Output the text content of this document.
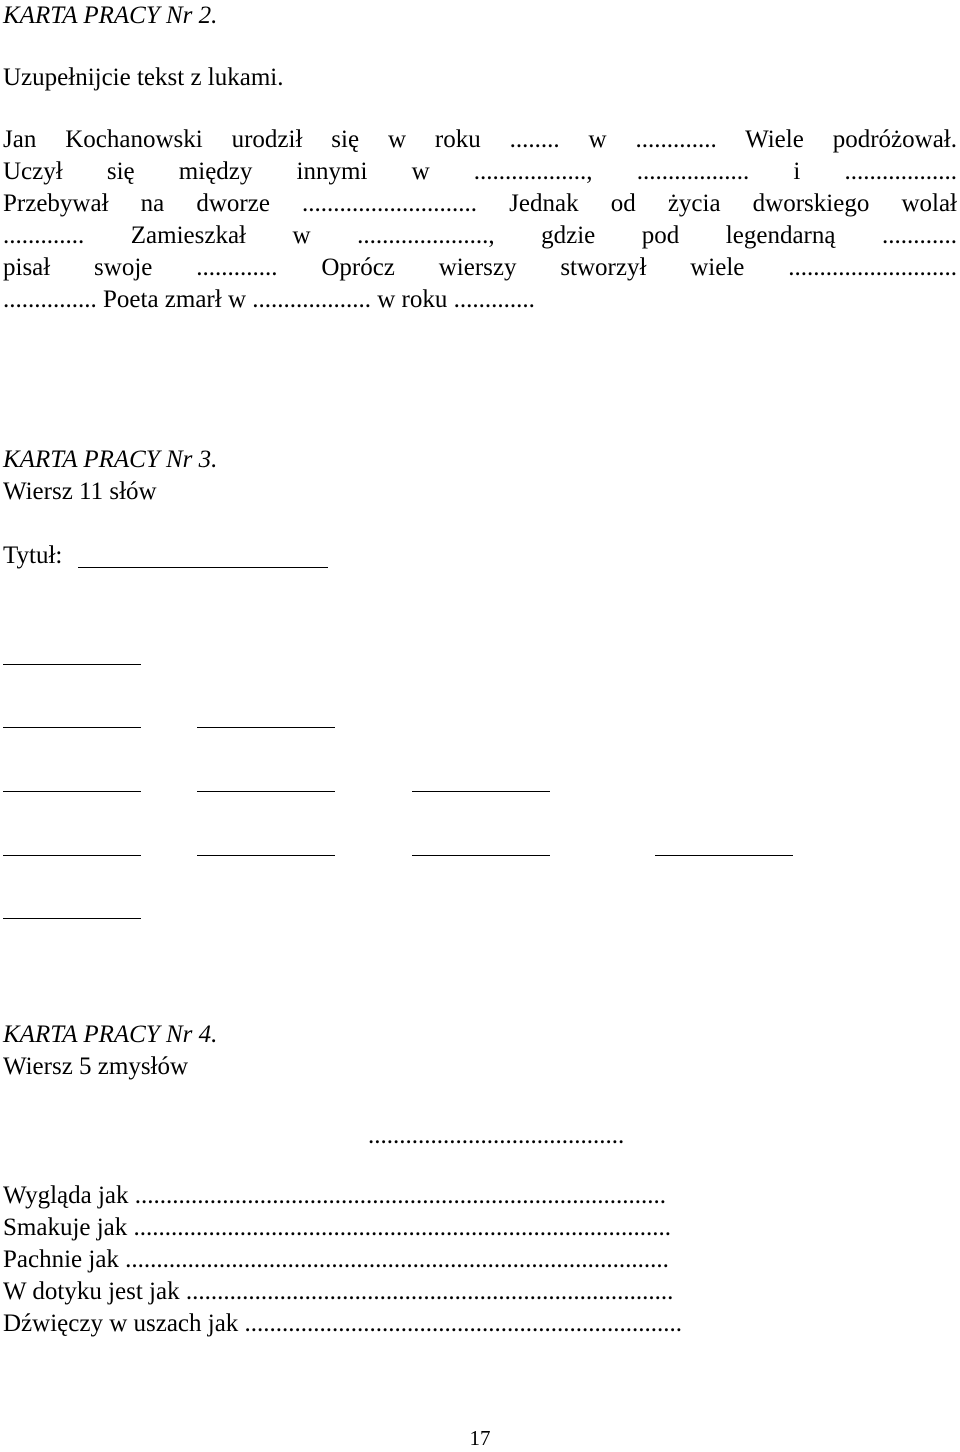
KARTA PRACY Nr 2.
Uzupełnijcie tekst z lukami.
Jan Kochanowski urodził się w roku ........ w ............. Wiele podróżował.
Uczył się między innymi w .................., .................. i ..................
Przebywał na dworze ............................ Jednak od życia dworskiego wolał
............. Zamieszkał w ....................., gdzie pod legendarną ............
pisał swoje ............. Oprócz wierszy stworzył wiele ...........................
............... Poeta zmarł w ................... w roku .............
KARTA PRACY Nr 3.
Wiersz 11 słów
Tytuł:
KARTA PRACY Nr 4.
Wiersz 5 zmysłów
.........................................
Wygląda jak .....................................................................................
Smakuje jak ......................................................................................
Pachnie jak .......................................................................................
W dotyku jest jak ..............................................................................
Dźwięczy w uszach jak ......................................................................
17
